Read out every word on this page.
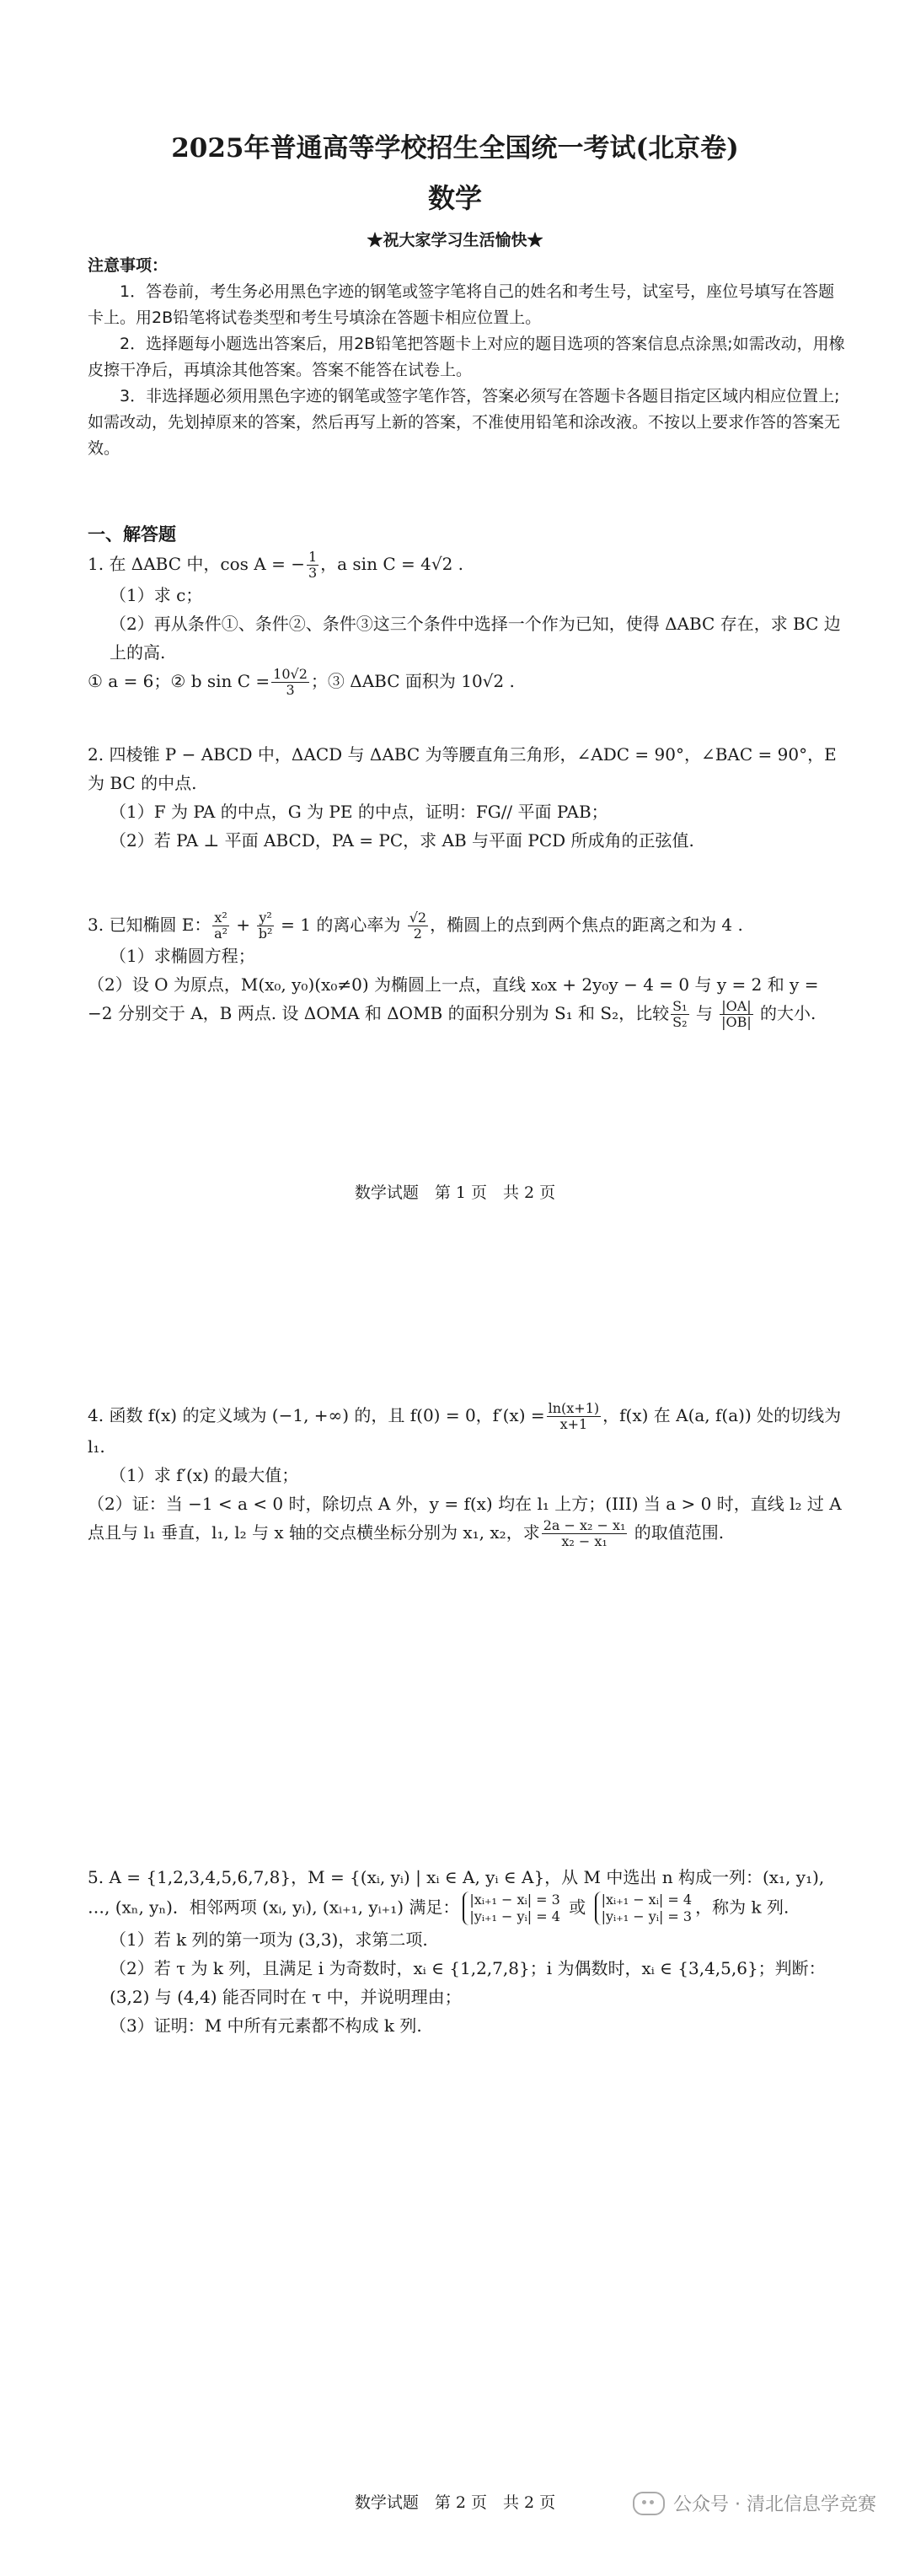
2025年普通高等学校招生全国统一考试(北京卷)
数学
★祝大家学习生活愉快★
注意事项：

1．答卷前，考生务必用黑色字迹的钢笔或签字笔将自己的姓名和考生号，试室号，座位号填写在答题卡上。用2B铅笔将试卷类型和考生号填涂在答题卡相应位置上。

2．选择题每小题选出答案后，用2B铅笔把答题卡上对应的题目选项的答案信息点涂黑;如需改动，用橡皮擦干净后，再填涂其他答案。答案不能答在试卷上。

3．非选择题必须用黑色字迹的钢笔或签字笔作答，答案必须写在答题卡各题目指定区域内相应位置上;如需改动，先划掉原来的答案，然后再写上新的答案，不准使用铅笔和涂改液。不按以上要求作答的答案无效。

一、解答题

1. 在 ΔABC 中，cos A = − $\frac{1}{3}$ ，a sin C = 4√2 .

（1）求 c；

（2）再从条件①、条件②、条件③这三个条件中选择一个作为已知，使得 ΔABC 存在，求 BC 边上的高.

① a = 6；② b $\sin C = \frac{10√2}{3}$ ；③ ΔABC 面积为 10√2 .

2. 四棱锥 P − ABCD 中，ΔACD 与 ΔABC 为等腰直角三角形，∠ADC = 90°，∠BAC = 90°，E 为 BC 的中点.

（1）F 为 PA 的中点，G 为 PE 的中点，证明：FG// 平面 PAB；

（2）若 PA ⊥ 平面 ABCD，PA = PC，求 AB 与平面 PCD 所成角的正弦值.

3. 已知椭圆 E： $\frac{\text{x²}}{\text{a²}} + \frac{\text{y²}}{\text{b²}} = 1$ 的离心率为 $\frac{√2}{2}$ ，椭圆上的点到两个焦点的距离之和为 4 .

（1）求椭圆方程；

（2）设 O 为原点，M(x₀, y₀)(x₀≠0) 为椭圆上一点，直线 x₀x + 2y₀y − 4 = 0 与 y = 2 和 y = −2 分别交于 A，B 两点. 设 ΔOMA 和 ΔOMB 的面积分别为 S₁ 和 S₂，比较 $\frac{\text{S₁}}{\text{S₂}}$ 与 $\frac{|OA|}{|OB|}$ 的大小.

数学试题　第 1 页　共 2 页

4. 函数 f(x) 的定义域为 (−1, +∞) 的，且 f(0) = 0，$f'(x) = \frac{\ln(x+1)}{x+1}$ ，f(x) 在 A(a, f(a)) 处的切线为 l₁.

（1）求 f′(x) 的最大值；

（2）证：当 −1 < a < 0 时，除切点 A 外，y = f(x) 均在 l₁ 上方；(III) 当 a > 0 时，直线 l₂ 过 A 点且与 l₁ 垂直，l₁, l₂ 与 x 轴的交点横坐标分别为 x₁, x₂，求 $\frac{\text{2a − x₂ − x₁}}{\text{x₂ − x₁}}$ 的取值范围.

5. A = {1,2,3,4,5,6,7,8}，M = {(xᵢ, yᵢ) | xᵢ ∈ A, yᵢ ∈ A}，从 M 中选出 n 构成一列：(x₁, y₁), …, (xₙ, yₙ)．相邻两项 (xᵢ, yᵢ), (xᵢ₊₁, yᵢ₊₁) 满足： |xᵢ₊₁ − xᵢ| = 3
|yᵢ₊₁ − yᵢ| = 4 或 |xᵢ₊₁ − xᵢ| = 4
|yᵢ₊₁ − yᵢ| = 3 ，称为 k 列.

（1）若 k 列的第一项为 (3,3)，求第二项.

（2）若 τ 为 k 列，且满足 i 为奇数时，xᵢ ∈ {1,2,7,8}；i 为偶数时，xᵢ ∈ {3,4,5,6}；判断：(3,2) 与 (4,4) 能否同时在 τ 中，并说明理由；

（3）证明：M 中所有元素都不构成 k 列.

数学试题　第 2 页　共 2 页	公众号 · 清北信息学竞赛
